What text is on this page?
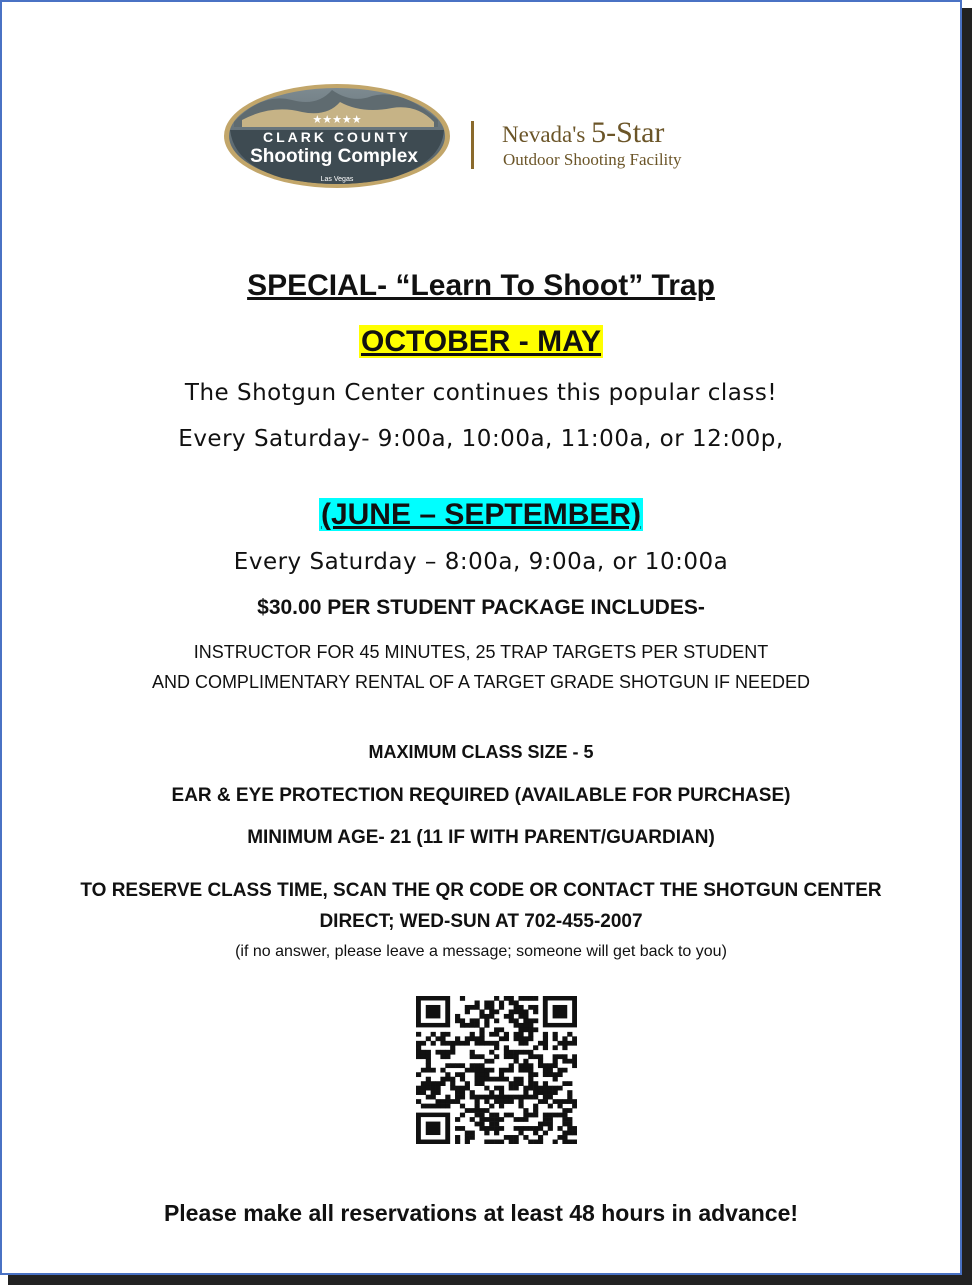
★★★★★
CLARK COUNTY
Shooting Complex
Las Vegas
Nevada's 5-Star
Outdoor Shooting Facility
SPECIAL- “Learn To Shoot” Trap
OCTOBER - MAY
The Shotgun Center continues this popular class!
Every Saturday- 9:00a, 10:00a, 11:00a, or 12:00p,
(JUNE – SEPTEMBER)
Every Saturday – 8:00a, 9:00a, or 10:00a
$30.00 PER STUDENT PACKAGE INCLUDES-
INSTRUCTOR FOR 45 MINUTES, 25 TRAP TARGETS PER STUDENT
AND COMPLIMENTARY RENTAL OF A TARGET GRADE SHOTGUN IF NEEDED
MAXIMUM CLASS SIZE - 5
EAR & EYE PROTECTION REQUIRED (AVAILABLE FOR PURCHASE)
MINIMUM AGE- 21 (11 IF WITH PARENT/GUARDIAN)
TO RESERVE CLASS TIME, SCAN THE QR CODE OR CONTACT THE SHOTGUN CENTER
DIRECT; WED-SUN AT 702-455-2007
(if no answer, please leave a message; someone will get back to you)
Please make all reservations at least 48 hours in advance!
